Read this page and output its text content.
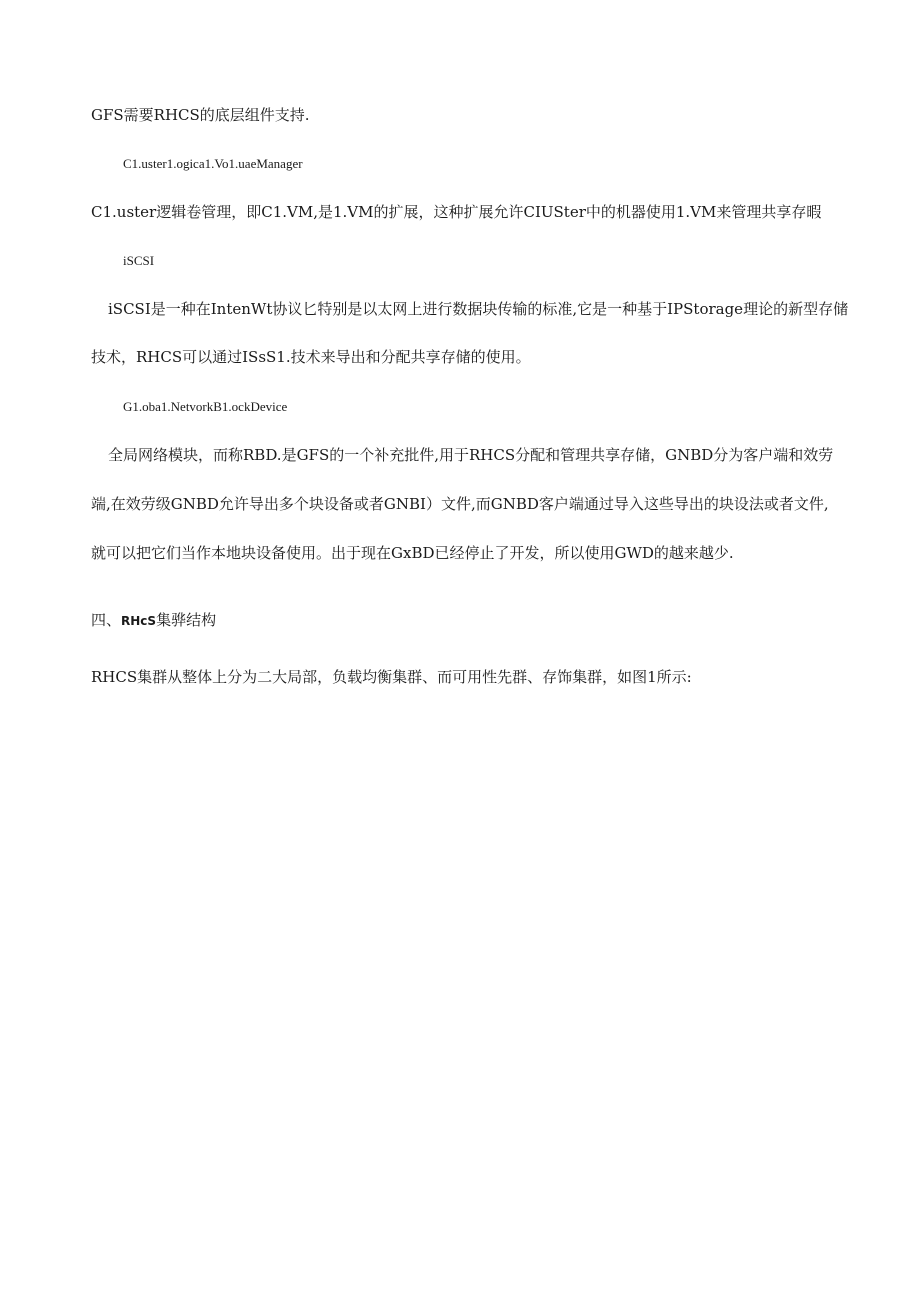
GFS需要RHCS的底层组件支持.
C1.uster1.ogica1.Vo1.uaeManager
C1.uster逻辑卷管理，即C1.VM,是1.VM的扩展，这种扩展允许CIUSter中的机器使用1.VM来管理共享存暇
iSCSI
iSCSI是一种在IntenWt协议匕特别是以太网上进行数据块传输的标准,它是一种基于IPStorage理论的新型存储
技术，RHCS可以通过ISsS1.技术来导出和分配共享存储的使用。
G1.oba1.NetvorkB1.ockDevice
全局网络模块，而称RBD.是GFS的一个补充批件,用于RHCS分配和管理共享存储，GNBD分为客户端和效劳
端,在效劳级GNBD允许导出多个块设备或者GNBI）文件,而GNBD客户端通过导入这些导出的块设法或者文件,
就可以把它们当作本地块设备使用。出于现在GxBD已经停止了开发，所以使用GWD的越来越少.
四、RHcS集骅结构
RHCS集群从整体上分为二大局部，负载均衡集群、而可用性先群、存饰集群，如图1所示:
